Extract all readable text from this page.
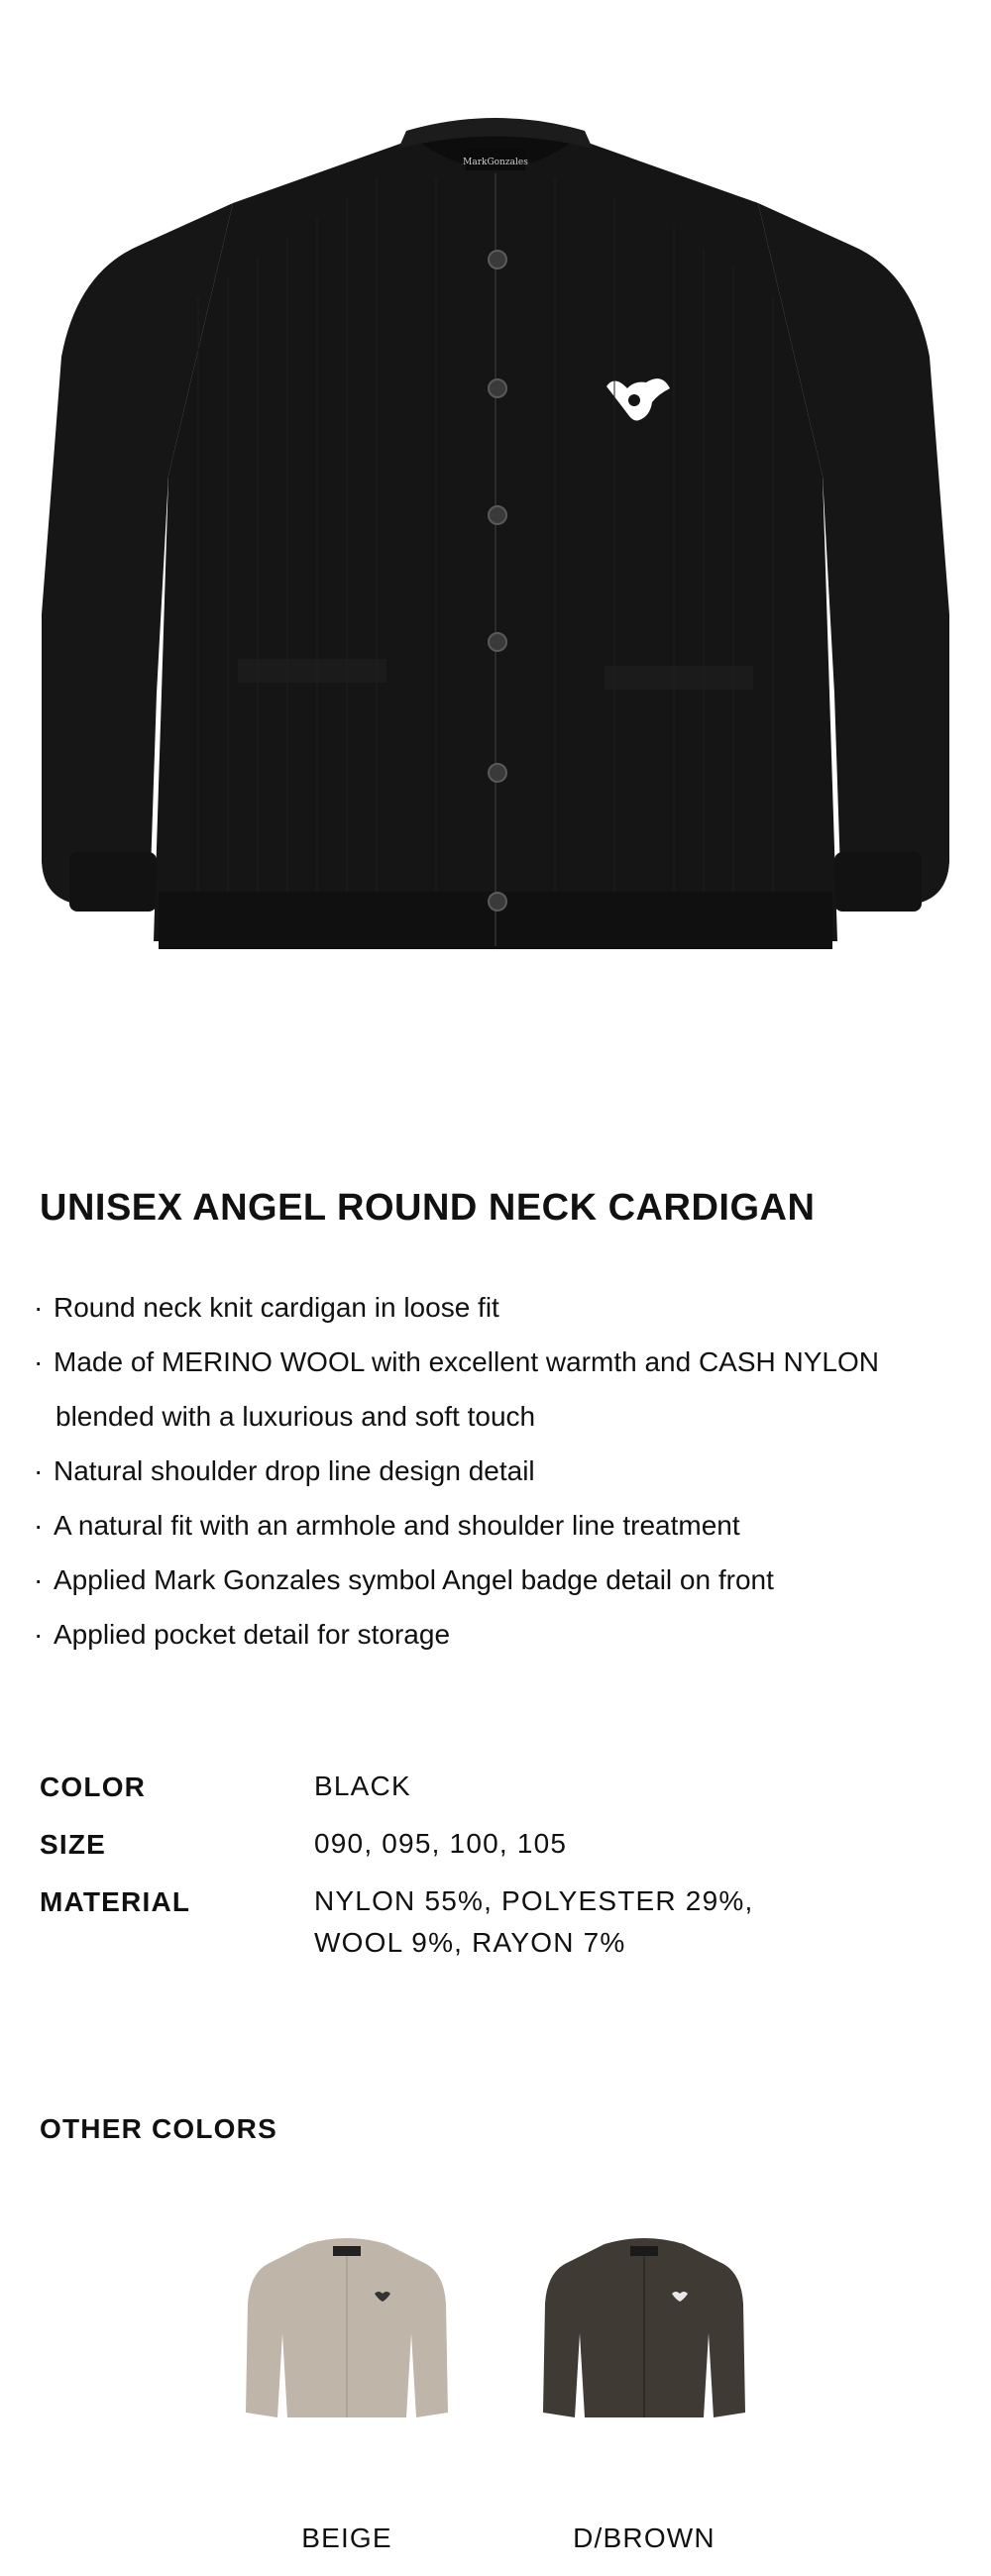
MarkGonzales
UNISEX ANGEL ROUND NECK CARDIGAN
· Round neck knit cardigan in loose fit
· Made of MERINO WOOL with excellent warmth and CASH NYLON
blended with a luxurious and soft touch
· Natural shoulder drop line design detail
· A natural fit with an armhole and shoulder line treatment
· Applied Mark Gonzales symbol Angel badge detail on front
· Applied pocket detail for storage
COLOR	BLACK
SIZE	090, 095, 100, 105
MATERIAL	NYLON 55%, POLYESTER 29%,
WOOL 9%, RAYON 7%
OTHER COLORS
BEIGE	D/BROWN
